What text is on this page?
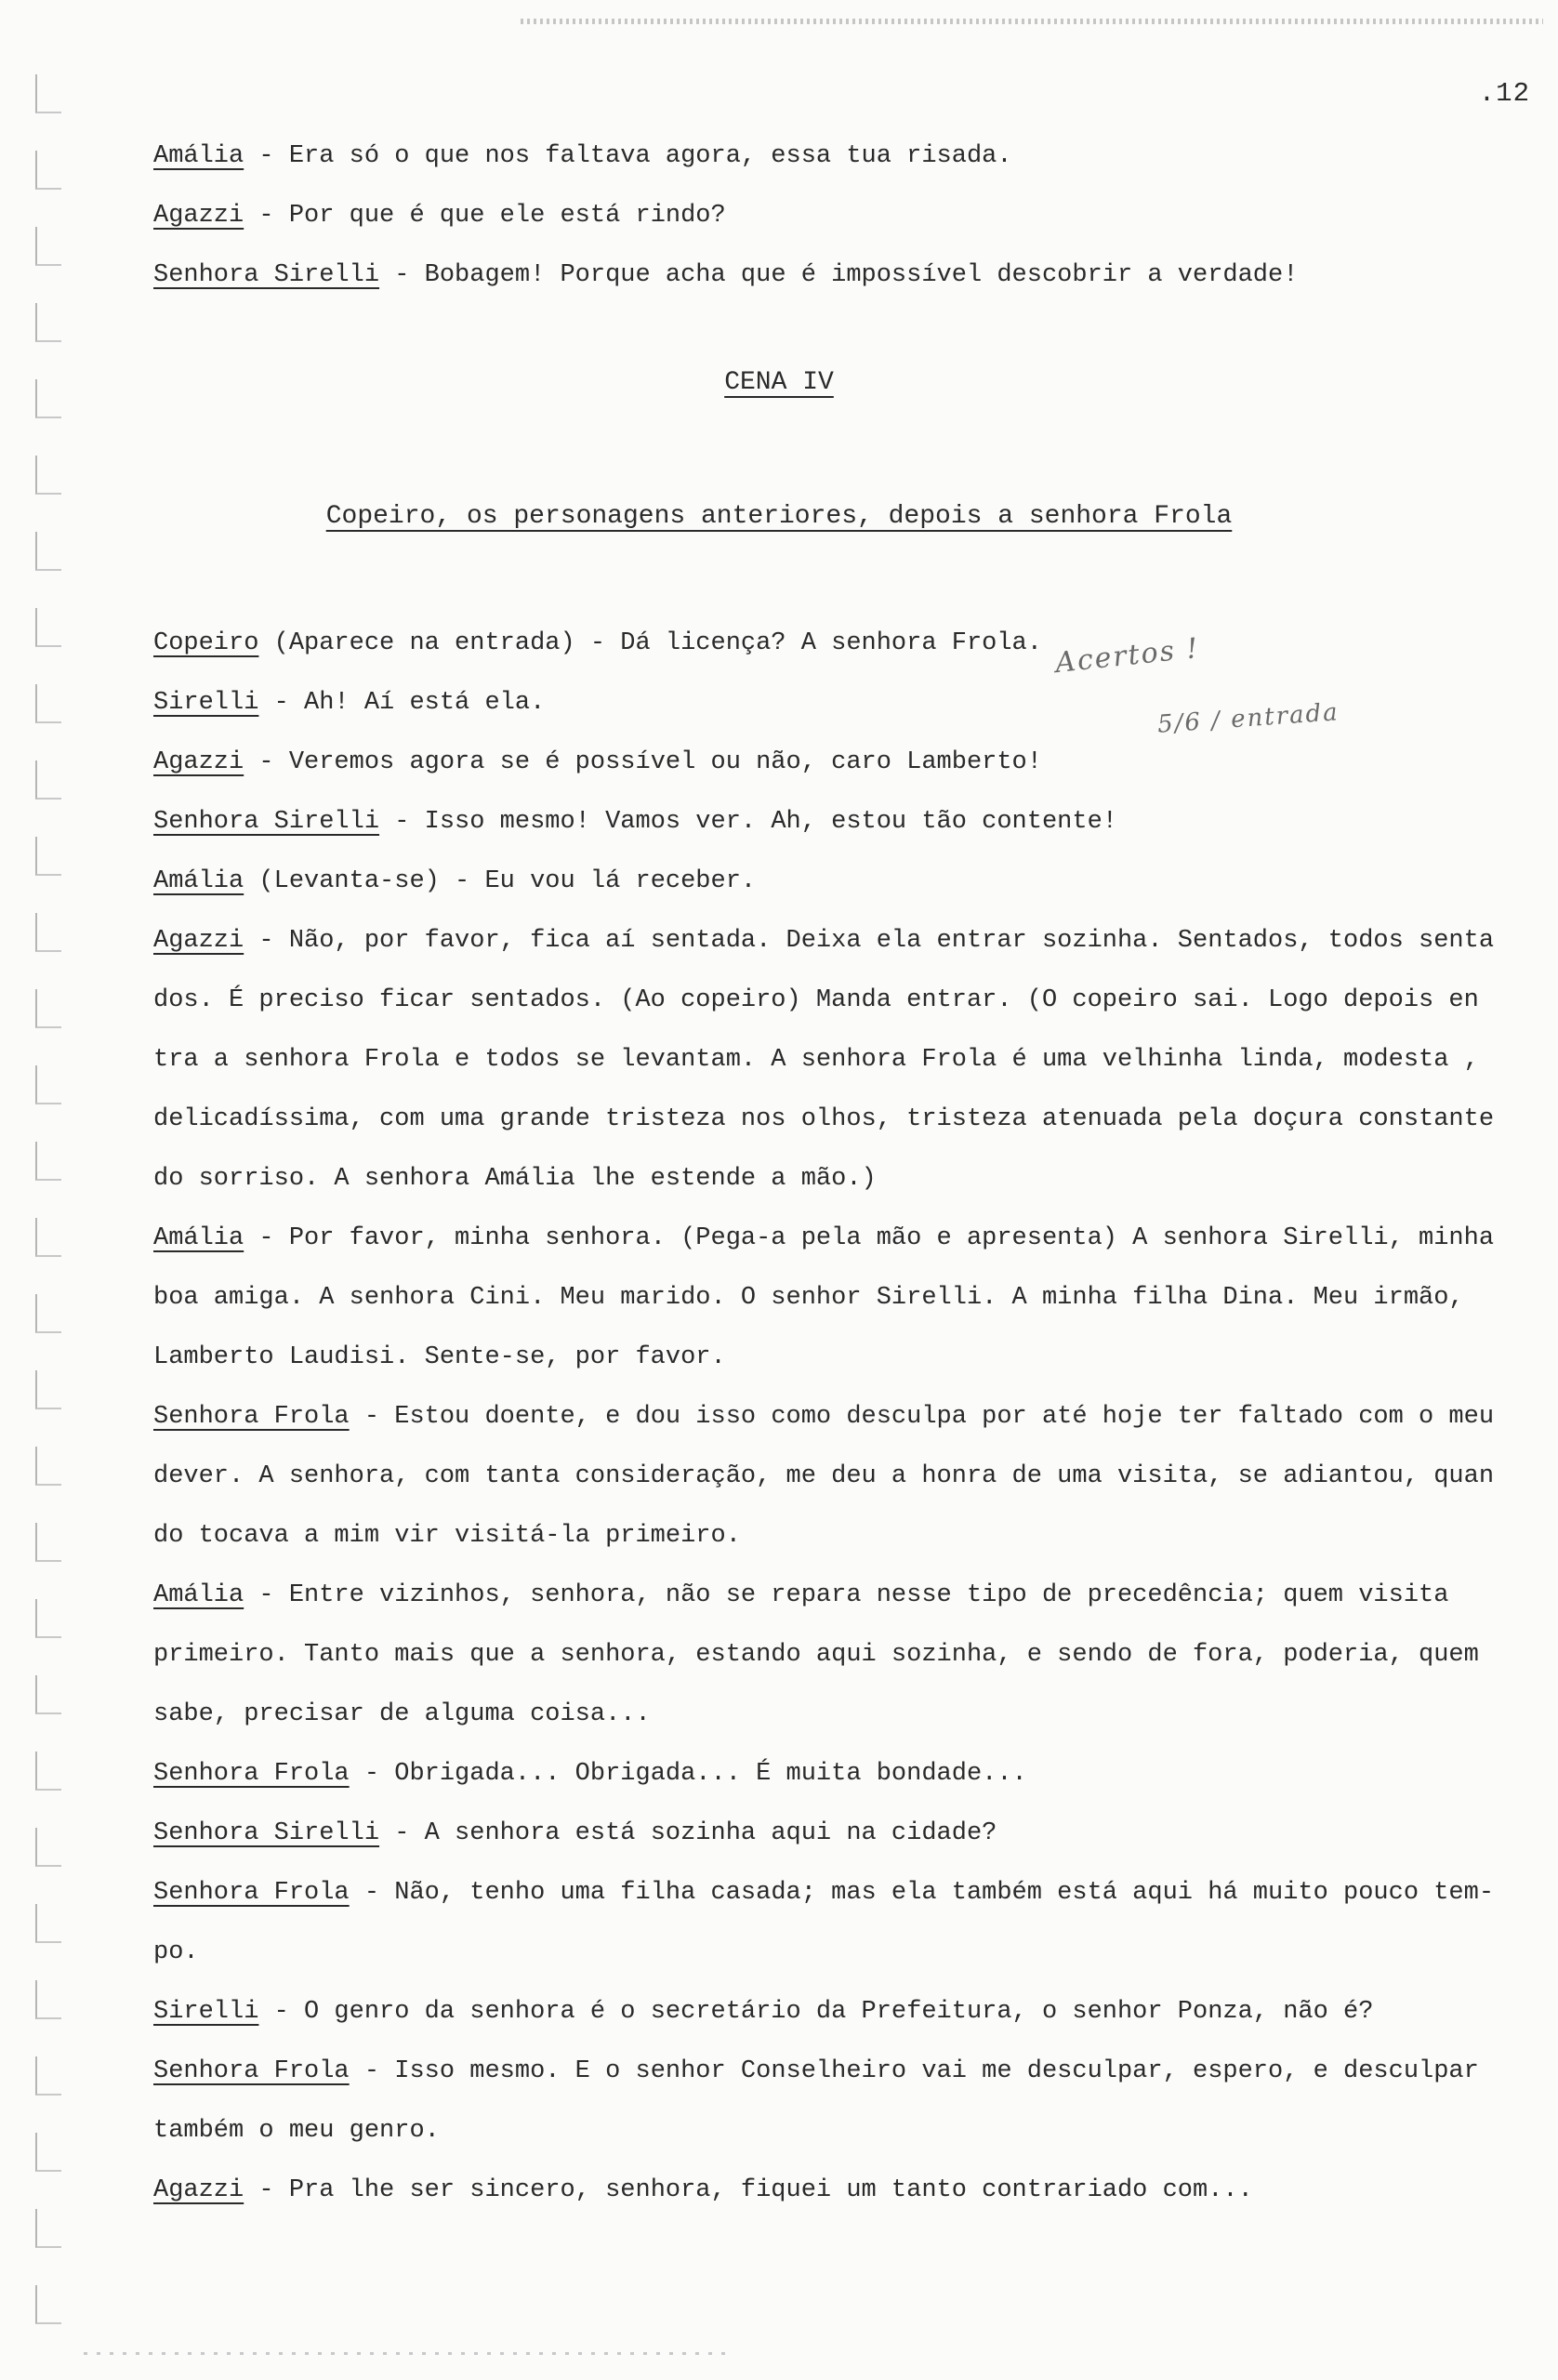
.12
Amália - Era só o que nos faltava agora, essa tua risada.
Agazzi - Por que é que ele está rindo?
Senhora Sirelli - Bobagem! Porque acha que é impossível descobrir a verdade!
CENA IV
Copeiro, os personagens anteriores, depois a senhora Frola
Acertos !
5/6 / entrada
Copeiro (Aparece na entrada) - Dá licença? A senhora Frola.
Sirelli - Ah! Aí está ela.
Agazzi - Veremos agora se é possível ou não, caro Lamberto!
Senhora Sirelli - Isso mesmo! Vamos ver. Ah, estou tão contente!
Amália (Levanta-se) - Eu vou lá receber.
Agazzi - Não, por favor, fica aí sentada. Deixa ela entrar sozinha. Sentados, todos senta
dos. É preciso ficar sentados. (Ao copeiro) Manda entrar. (O copeiro sai. Logo depois en
tra a senhora Frola e todos se levantam. A senhora Frola é uma velhinha linda, modesta ,
delicadíssima, com uma grande tristeza nos olhos, tristeza atenuada pela doçura constante
do sorriso. A senhora Amália lhe estende a mão.)
Amália - Por favor, minha senhora. (Pega-a pela mão e apresenta) A senhora Sirelli, minha
boa amiga. A senhora Cini. Meu marido. O senhor Sirelli. A minha filha Dina. Meu irmão,
Lamberto Laudisi. Sente-se, por favor.
Senhora Frola - Estou doente, e dou isso como desculpa por até hoje ter faltado com o meu
dever. A senhora, com tanta consideração, me deu a honra de uma visita, se adiantou, quan
do tocava a mim vir visitá-la primeiro.
Amália - Entre vizinhos, senhora, não se repara nesse tipo de precedência; quem visita
primeiro. Tanto mais que a senhora, estando aqui sozinha, e sendo de fora, poderia, quem
sabe, precisar de alguma coisa...
Senhora Frola - Obrigada... Obrigada... É muita bondade...
Senhora Sirelli - A senhora está sozinha aqui na cidade?
Senhora Frola - Não, tenho uma filha casada; mas ela também está aqui há muito pouco tem-
po.
Sirelli - O genro da senhora é o secretário da Prefeitura, o senhor Ponza, não é?
Senhora Frola - Isso mesmo. E o senhor Conselheiro vai me desculpar, espero, e desculpar
também o meu genro.
Agazzi - Pra lhe ser sincero, senhora, fiquei um tanto contrariado com...
